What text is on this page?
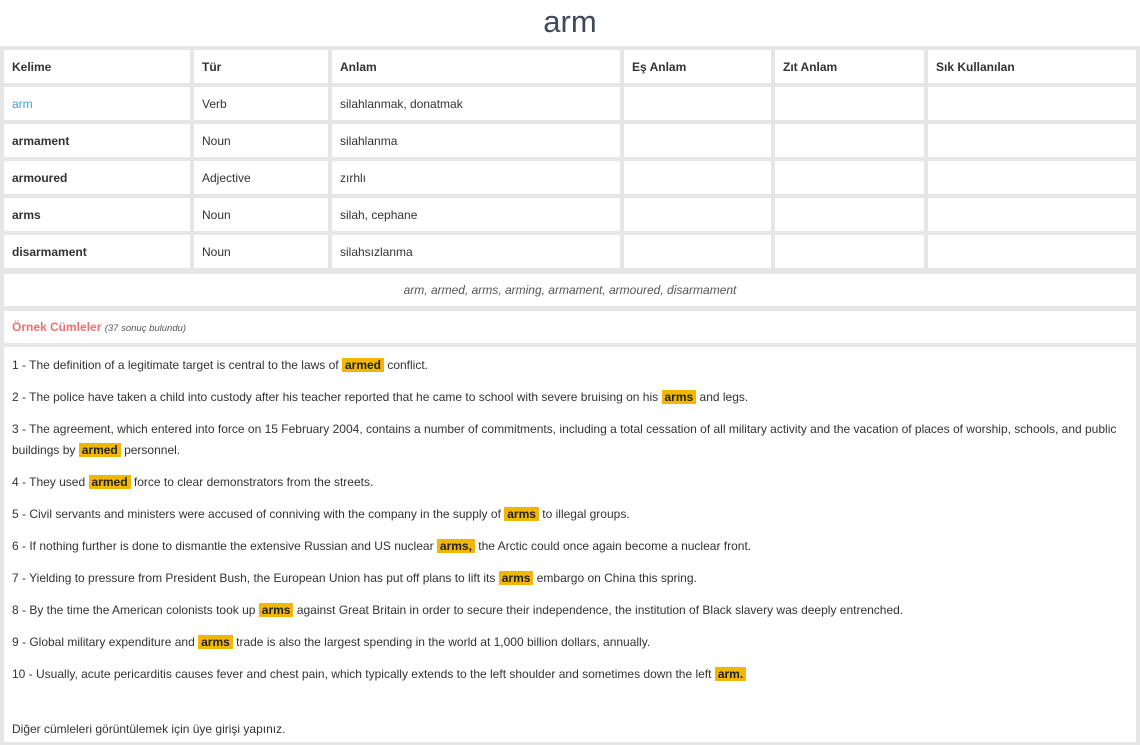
arm
Kelime	Tür	Anlam	Eş Anlam	Zıt Anlam	Sık Kullanılan
arm	Verb	silahlanmak, donatmak			
armament	Noun	silahlanma			
armoured	Adjective	zırhlı			
arms	Noun	silah, cephane			
disarmament	Noun	silahsızlanma			
arm, armed, arms, arming, armament, armoured, disarmament
Örnek Cümleler (37 sonuç bulundu)

1 - The definition of a legitimate target is central to the laws of armed conflict.

2 - The police have taken a child into custody after his teacher reported that he came to school with severe bruising on his arms and legs.

3 - The agreement, which entered into force on 15 February 2004, contains a number of commitments, including a total cessation of all military activity and the vacation of places of worship, schools, and public buildings by armed personnel.

4 - They used armed force to clear demonstrators from the streets.

5 - Civil servants and ministers were accused of conniving with the company in the supply of arms to illegal groups.

6 - If nothing further is done to dismantle the extensive Russian and US nuclear arms, the Arctic could once again become a nuclear front.

7 - Yielding to pressure from President Bush, the European Union has put off plans to lift its arms embargo on China this spring.

8 - By the time the American colonists took up arms against Great Britain in order to secure their independence, the institution of Black slavery was deeply entrenched.

9 - Global military expenditure and arms trade is also the largest spending in the world at 1,000 billion dollars, annually.

10 - Usually, acute pericarditis causes fever and chest pain, which typically extends to the left shoulder and sometimes down the left arm.

Diğer cümleleri görüntülemek için üye girişi yapınız.
